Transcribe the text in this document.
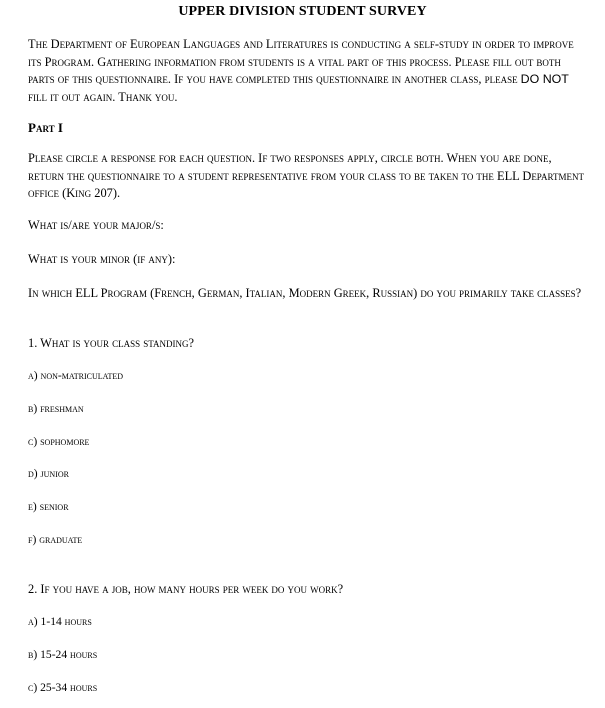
UPPER DIVISION STUDENT SURVEY

The Department of European Languages and Literatures is conducting a self-study in order to improve its Program. Gathering information from students is a vital part of this process. Please fill out both parts of this questionnaire. If you have completed this questionnaire in another class, please DO NOT fill it out again. Thank you.

Part I

Please circle a response for each question. If two responses apply, circle both. When you are done, return the questionnaire to a student representative from your class to be taken to the ELL Department office (King 207).

What is/are your major/s:
What is your minor (if any):
In which ELL Program (French, German, Italian, Modern Greek, Russian) do you primarily take classes?
1. What is your class standing?
a) non-matriculated
b) freshman
c) sophomore
d) junior
e) senior
f) graduate
2. If you have a job, how many hours per week do you work?
a) 1-14 hours
b) 15-24 hours
c) 25-34 hours
